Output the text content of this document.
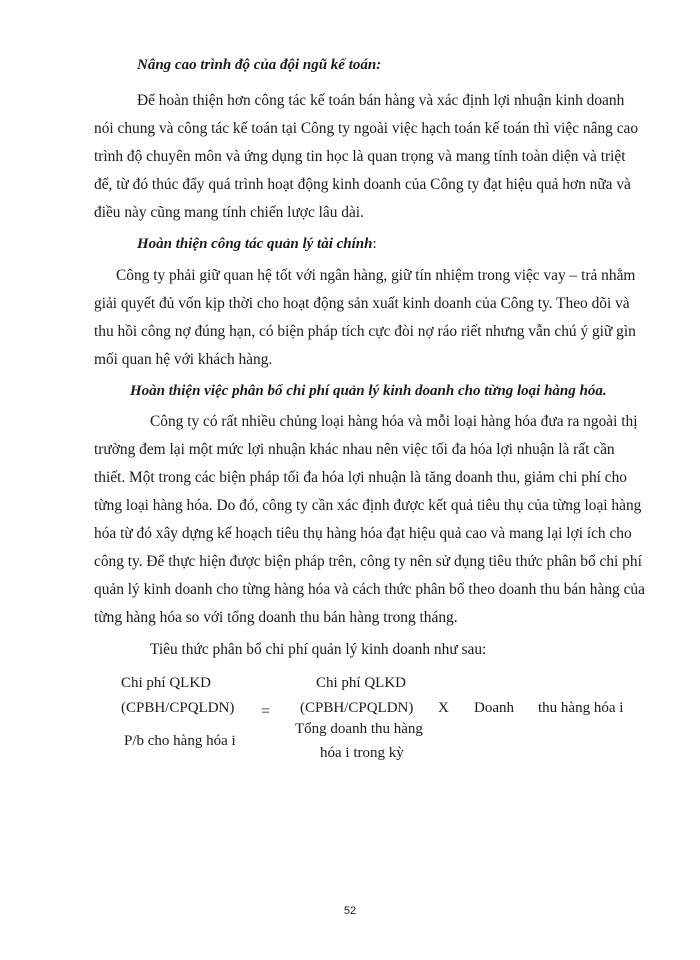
Nâng cao trình độ của đội ngũ kế toán:
Để hoàn thiện hơn công tác kế toán bán hàng và xác định lợi nhuận kinh doanh
nói chung và công tác kế toán tại Công ty ngoài việc hạch toán kế toán thì việc nâng cao
trình độ chuyên môn và ứng dụng tin học là quan trọng và mang tính toàn diện và triệt
để, từ đó thúc đẩy quá trình hoạt động kinh doanh của Công ty đạt hiệu quả hơn nữa và
điều này cũng mang tính chiến lược lâu dài.
Hoàn thiện công tác quản lý tài chính:
Công ty phải giữ quan hệ tốt với ngân hàng, giữ tín nhiệm trong việc vay – trả nhằm
giải quyết đủ vốn kịp thời cho hoạt động sản xuất kinh doanh của Công ty. Theo dõi và
thu hồi công nợ đúng hạn, có biện pháp tích cực đòi nợ ráo riết nhưng vẫn chú ý giữ gìn
mối quan hệ với khách hàng.
Hoàn thiện việc phân bổ chi phí quản lý kinh doanh cho từng loại hàng hóa.
Công ty có rất nhiều chủng loại hàng hóa và mỗi loại hàng hóa đưa ra ngoài thị
trường đem lại một mức lợi nhuận khác nhau nên việc tối đa hóa lợi nhuận là rất cần
thiết. Một trong các biện pháp tối đa hóa lợi nhuận là tăng doanh thu, giảm chi phí cho
từng loại hàng hóa. Do đó, công ty cần xác định được kết quả tiêu thụ của từng loại hàng
hóa từ đó xây dựng kế hoạch tiêu thụ hàng hóa đạt hiệu quả cao và mang lại lợi ích cho
công ty. Để thực hiện được biện pháp trên, công ty nên sử dụng tiêu thức phân bổ chi phí
quản lý kinh doanh cho từng hàng hóa và cách thức phân bổ theo doanh thu bán hàng của
từng hàng hóa so với tổng doanh thu bán hàng trong tháng.
Tiêu thức phân bổ chi phí quản lý kinh doanh như sau:
Chi phí QLKD
(CPBH/CPQLDN)
P/b cho hàng hóa i
=
Chi phí QLKD
(CPBH/CPQLDN)
Tổng doanh thu hàng
hóa i trong kỳ
X Doanh thu hàng hóa i
52
